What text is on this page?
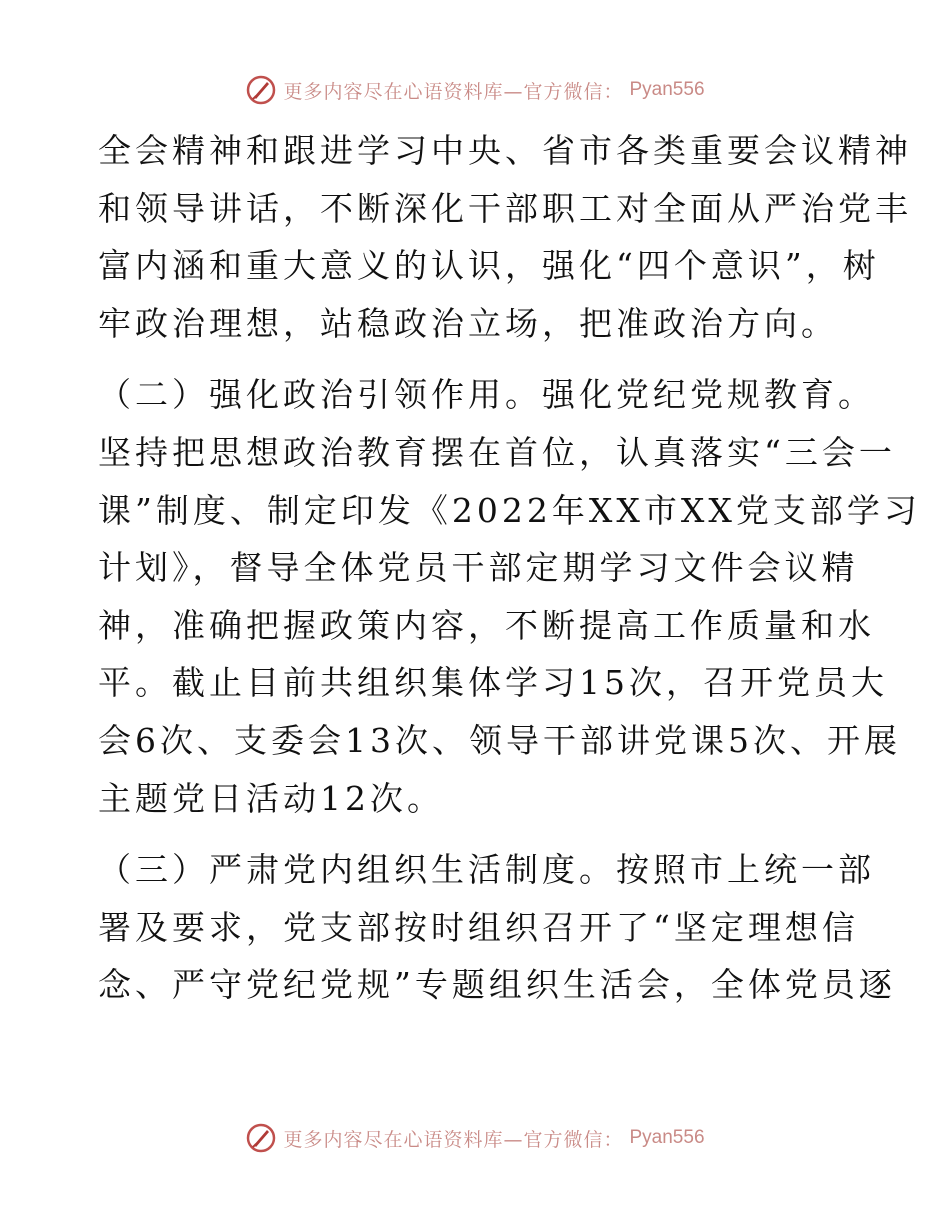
更多内容尽在心语资料库—官方微信： Pyan556
全会精神和跟进学习中央、省市各类重要会议精神
和领导讲话，不断深化干部职工对全面从严治党丰
富内涵和重大意义的认识，强化“四个意识”，树
牢政治理想，站稳政治立场，把准政治方向。
（二）强化政治引领作用。强化党纪党规教育。
坚持把思想政治教育摆在首位，认真落实“三会一
课”制度、制定印发《2022年XX市XX党支部学习
计划》，督导全体党员干部定期学习文件会议精
神，准确把握政策内容，不断提高工作质量和水
平。截止目前共组织集体学习15次，召开党员大
会6次、支委会13次、领导干部讲党课5次、开展
主题党日活动12次。
（三）严肃党内组织生活制度。按照市上统一部
署及要求，党支部按时组织召开了“坚定理想信
念、严守党纪党规”专题组织生活会，全体党员逐
更多内容尽在心语资料库—官方微信： Pyan556
